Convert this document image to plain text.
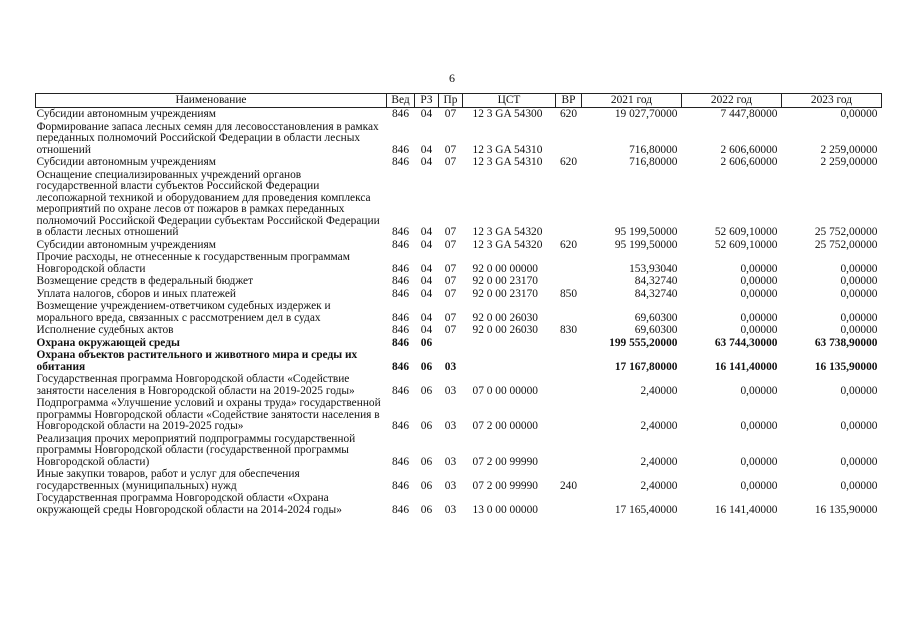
6
Наименование	Вед	РЗ	Пр	ЦСТ	ВР	2021 год	2022 год	2023 год
Субсидии автономным учреждениям	846	04	07	12 3 GA 54300	620	19 027,70000	7 447,80000	0,00000
Формирование запаса лесных семян для лесовосстановления в рамках переданных полномочий Российской Федерации в области лесных отношений	846	04	07	12 3 GA 54310		716,80000	2 606,60000	2 259,00000
Субсидии автономным учреждениям	846	04	07	12 3 GA 54310	620	716,80000	2 606,60000	2 259,00000
Оснащение специализированных учреждений органов государственной власти субъектов Российской Федерации лесопожарной техникой и оборудованием для проведения комплекса мероприятий по охране лесов от пожаров в рамках переданных полномочий Российской Федерации субъектам Российской Федерации в области лесных отношений	846	04	07	12 3 GA 54320		95 199,50000	52 609,10000	25 752,00000
Субсидии автономным учреждениям	846	04	07	12 3 GA 54320	620	95 199,50000	52 609,10000	25 752,00000
Прочие расходы, не отнесенные к государственным программам Новгородской области	846	04	07	92 0 00 00000		153,93040	0,00000	0,00000
Возмещение средств в федеральный бюджет	846	04	07	92 0 00 23170		84,32740	0,00000	0,00000
Уплата налогов, сборов и иных платежей	846	04	07	92 0 00 23170	850	84,32740	0,00000	0,00000
Возмещение учреждением-ответчиком судебных издержек и морального вреда, связанных с рассмотрением дел в судах	846	04	07	92 0 00 26030		69,60300	0,00000	0,00000
Исполнение судебных актов	846	04	07	92 0 00 26030	830	69,60300	0,00000	0,00000
Охрана окружающей среды	846	06				199 555,20000	63 744,30000	63 738,90000
Охрана объектов растительного и животного мира и среды их обитания	846	06	03			17 167,80000	16 141,40000	16 135,90000
Государственная программа Новгородской области «Содействие занятости населения в Новгородской области на 2019-2025 годы»	846	06	03	07 0 00 00000		2,40000	0,00000	0,00000
Подпрограмма «Улучшение условий и охраны труда» государственной программы Новгородской области «Содействие занятости населения в Новгородской области на 2019-2025 годы»	846	06	03	07 2 00 00000		2,40000	0,00000	0,00000
Реализация прочих мероприятий подпрограммы государственной программы Новгородской области (государственной программы Новгородской области)	846	06	03	07 2 00 99990		2,40000	0,00000	0,00000
Иные закупки товаров, работ и услуг для обеспечения государственных (муниципальных) нужд	846	06	03	07 2 00 99990	240	2,40000	0,00000	0,00000
Государственная программа Новгородской области «Охрана окружающей среды Новгородской области на 2014-2024 годы»	846	06	03	13 0 00 00000		17 165,40000	16 141,40000	16 135,90000
